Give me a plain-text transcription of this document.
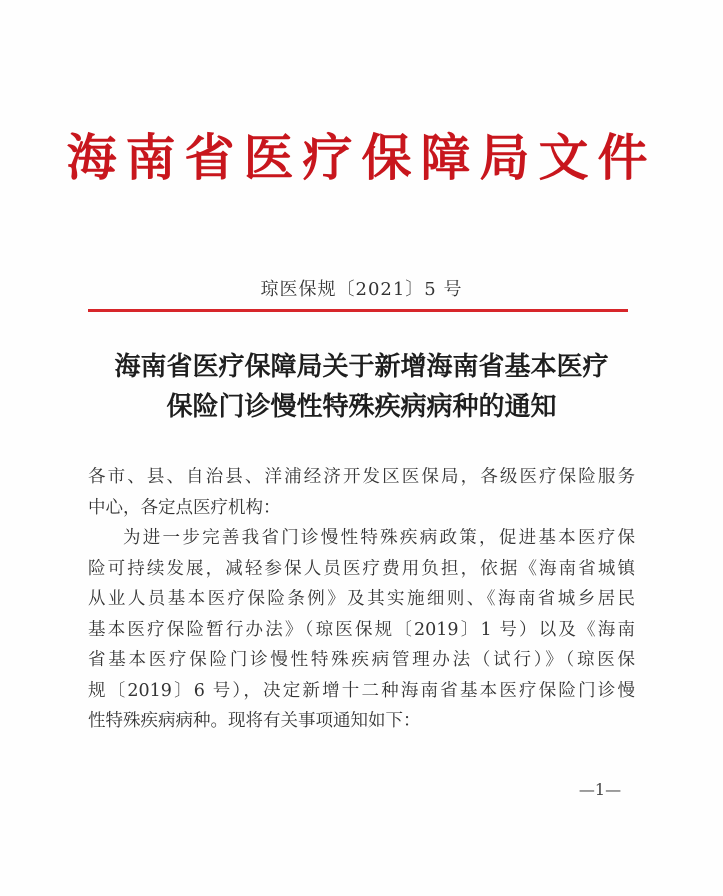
海南省医疗保障局文件
琼医保规〔2021〕5 号
海南省医疗保障局关于新增海南省基本医疗
保险门诊慢性特殊疾病病种的通知
各市、县、自治县、洋浦经济开发区医保局，各级医疗保险服务
中心，各定点医疗机构：
为进一步完善我省门诊慢性特殊疾病政策，促进基本医疗保
险可持续发展，减轻参保人员医疗费用负担，依据《海南省城镇
从业人员基本医疗保险条例》及其实施细则、《海南省城乡居民
基本医疗保险暂行办法》（琼医保规〔2019〕1 号）以及《海南
省基本医疗保险门诊慢性特殊疾病管理办法（试行）》（琼医保
规〔2019〕6 号），决定新增十二种海南省基本医疗保险门诊慢
性特殊疾病病种。现将有关事项通知如下：
—1—
